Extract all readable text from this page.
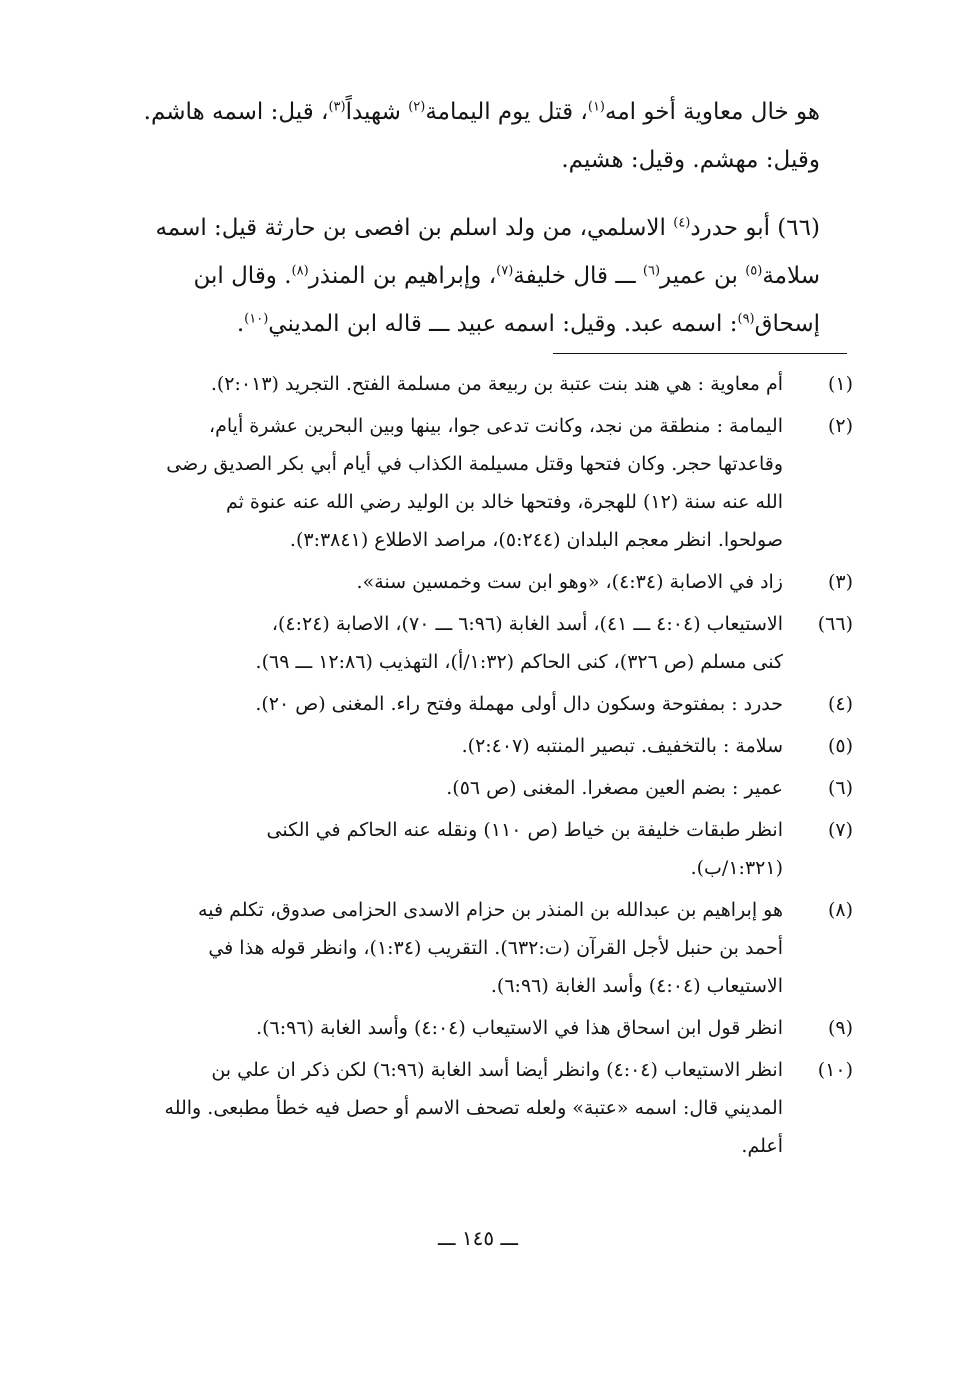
هو خال معاوية أخو امه$^{(١)}$، قتل يوم اليمامة$^{(٢)}$ شهيداً$^{(٣)}$، قيل: اسمه هاشم.
وقيل: مهشم. وقيل: هشيم.
(٦٦) أبو حدرد$^{(٤)}$ الاسلمي، من ولد اسلم بن افصى بن حارثة قيل: اسمه
سلامة$^{(٥)}$ بن عمير$^{(٦)}$ ـــ قال خليفة$^{(٧)}$، وإبراهيم بن المنذر$^{(٨)}$. وقال ابن
إسحاق$^{(٩)}$: اسمه عبد. وقيل: اسمه عبيد ـــ قاله ابن المديني$^{(١٠)}$.
(١)
أم معاوية : هي هند بنت عتبة بن ربيعة من مسلمة الفتح. التجريد (٢:٠١٣).
(٢)
اليمامة : منطقة من نجد، وكانت تدعى جوا، بينها وبين البحرين عشرة أيام،
وقاعدتها حجر. وكان فتحها وقتل مسيلمة الكذاب في أيام أبي بكر الصديق رضى
الله عنه سنة (١٢) للهجرة، وفتحها خالد بن الوليد رضي الله عنه عنوة ثم
صولحوا. انظر معجم البلدان (٥:٢٤٤)، مراصد الاطلاع (٣:٣٨٤١).
(٣)
زاد في الاصابة (٤:٣٤)، «وهو ابن ست وخمسين سنة».
(٦٦)
الاستيعاب (٤:٠٤ ـــ ٤١)، أسد الغابة (٦:٩٦ ـــ ٧٠)، الاصابة (٤:٢٤)،
كنى مسلم (ص ٣٢٦)، كنى الحاكم (١:٣٢/أ)، التهذيب (١٢:٨٦ ـــ ٦٩).
(٤)
حدرد : بمفتوحة وسكون دال أولى مهملة وفتح راء. المغنى (ص ٢٠).
(٥)
سلامة : بالتخفيف. تبصير المنتبه (٢:٤٠٧).
(٦)
عمير : بضم العين مصغرا. المغنى (ص ٥٦).
(٧)
انظر طبقات خليفة بن خياط (ص ١١٠) ونقله عنه الحاكم في الكنى
(١:٣٢١/ب).
(٨)
هو إبراهيم بن عبدالله بن المنذر بن حزام الاسدى الحزامى صدوق، تكلم فيه
أحمد بن حنبل لأجل القرآن (ت:٦٣٢). التقريب (١:٣٤)، وانظر قوله هذا في
الاستيعاب (٤:٠٤) وأسد الغابة (٦:٩٦).
(٩)
انظر قول ابن اسحاق هذا في الاستيعاب (٤:٠٤) وأسد الغابة (٦:٩٦).
(١٠)
انظر الاستيعاب (٤:٠٤) وانظر أيضا أسد الغابة (٦:٩٦) لكن ذكر ان علي بن
المديني قال: اسمه «عتبة» ولعله تصحف الاسم أو حصل فيه خطأ مطبعى. والله
أعلم.
ـــ ١٤٥ ـــ
